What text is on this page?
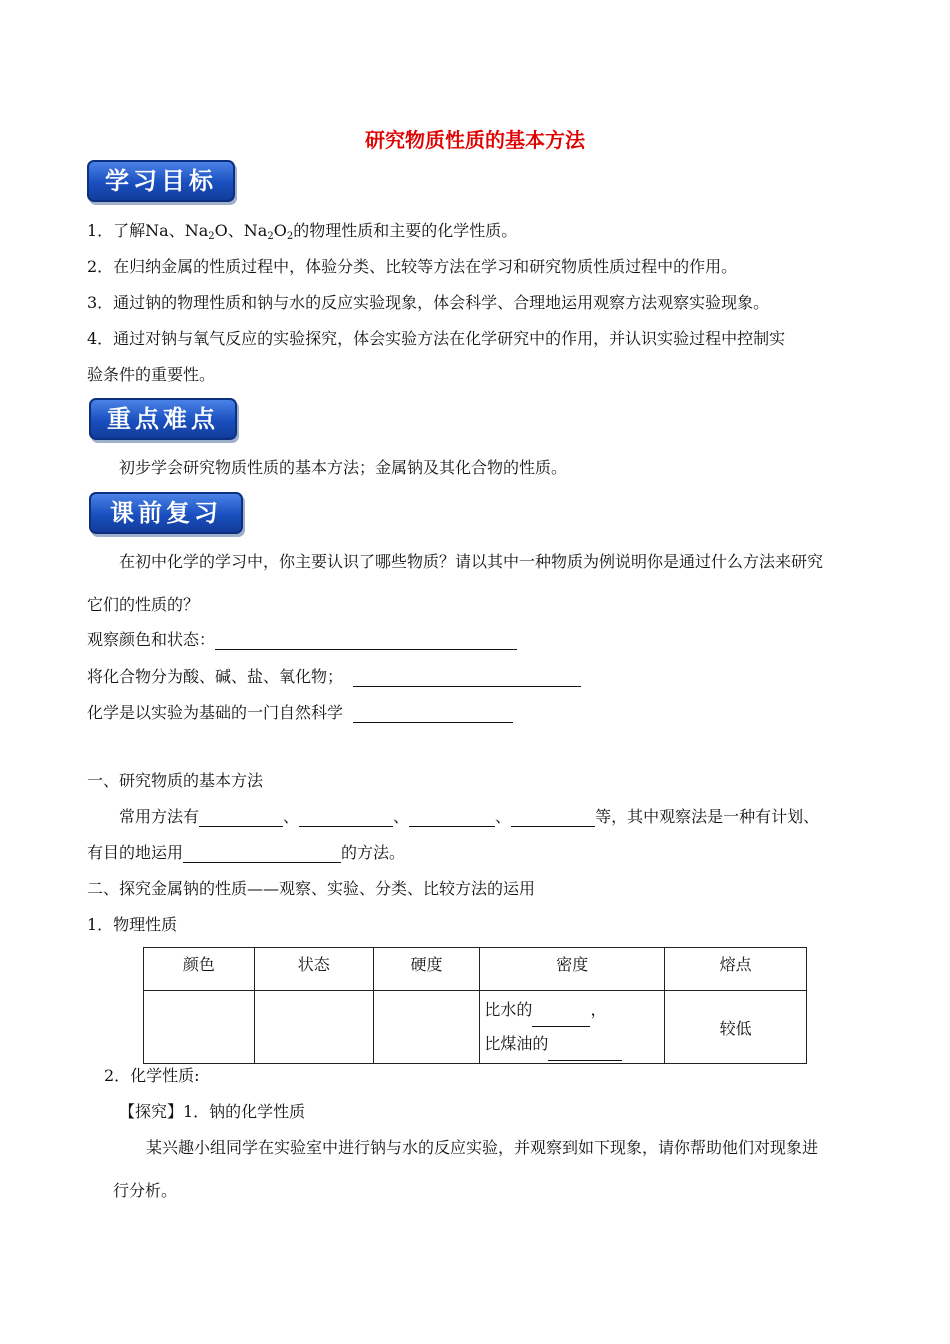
研究物质性质的基本方法
学习目标
1．了解Na、$Na_2O$、$Na_2O_2$的物理性质和主要的化学性质。
2．在归纳金属的性质过程中，体验分类、比较等方法在学习和研究物质性质过程中的作用。
3．通过钠的物理性质和钠与水的反应实验现象，体会科学、合理地运用观察方法观察实验现象。
4．通过对钠与氧气反应的实验探究，体会实验方法在化学研究中的作用，并认识实验过程中控制实
验条件的重要性。
重点难点
初步学会研究物质性质的基本方法；金属钠及其化合物的性质。
课前复习
在初中化学的学习中，你主要认识了哪些物质？请以其中一种物质为例说明你是通过什么方法来研究
它们的性质的？
观察颜色和状态：
将化合物分为酸、碱、盐、氧化物；
化学是以实验为基础的一门自然科学
一、研究物质的基本方法
常用方法有	、	、	、	等，其中观察法是一种有计划、
有目的地运用	的方法。
二、探究金属钠的性质——观察、实验、分类、比较方法的运用
1．物理性质
颜色	状态	硬度	密度	熔点

			比水的 ，
比煤油的	较低
2．化学性质:
【探究】1．钠的化学性质
某兴趣小组同学在实验室中进行钠与水的反应实验，并观察到如下现象，请你帮助他们对现象进
行分析。
